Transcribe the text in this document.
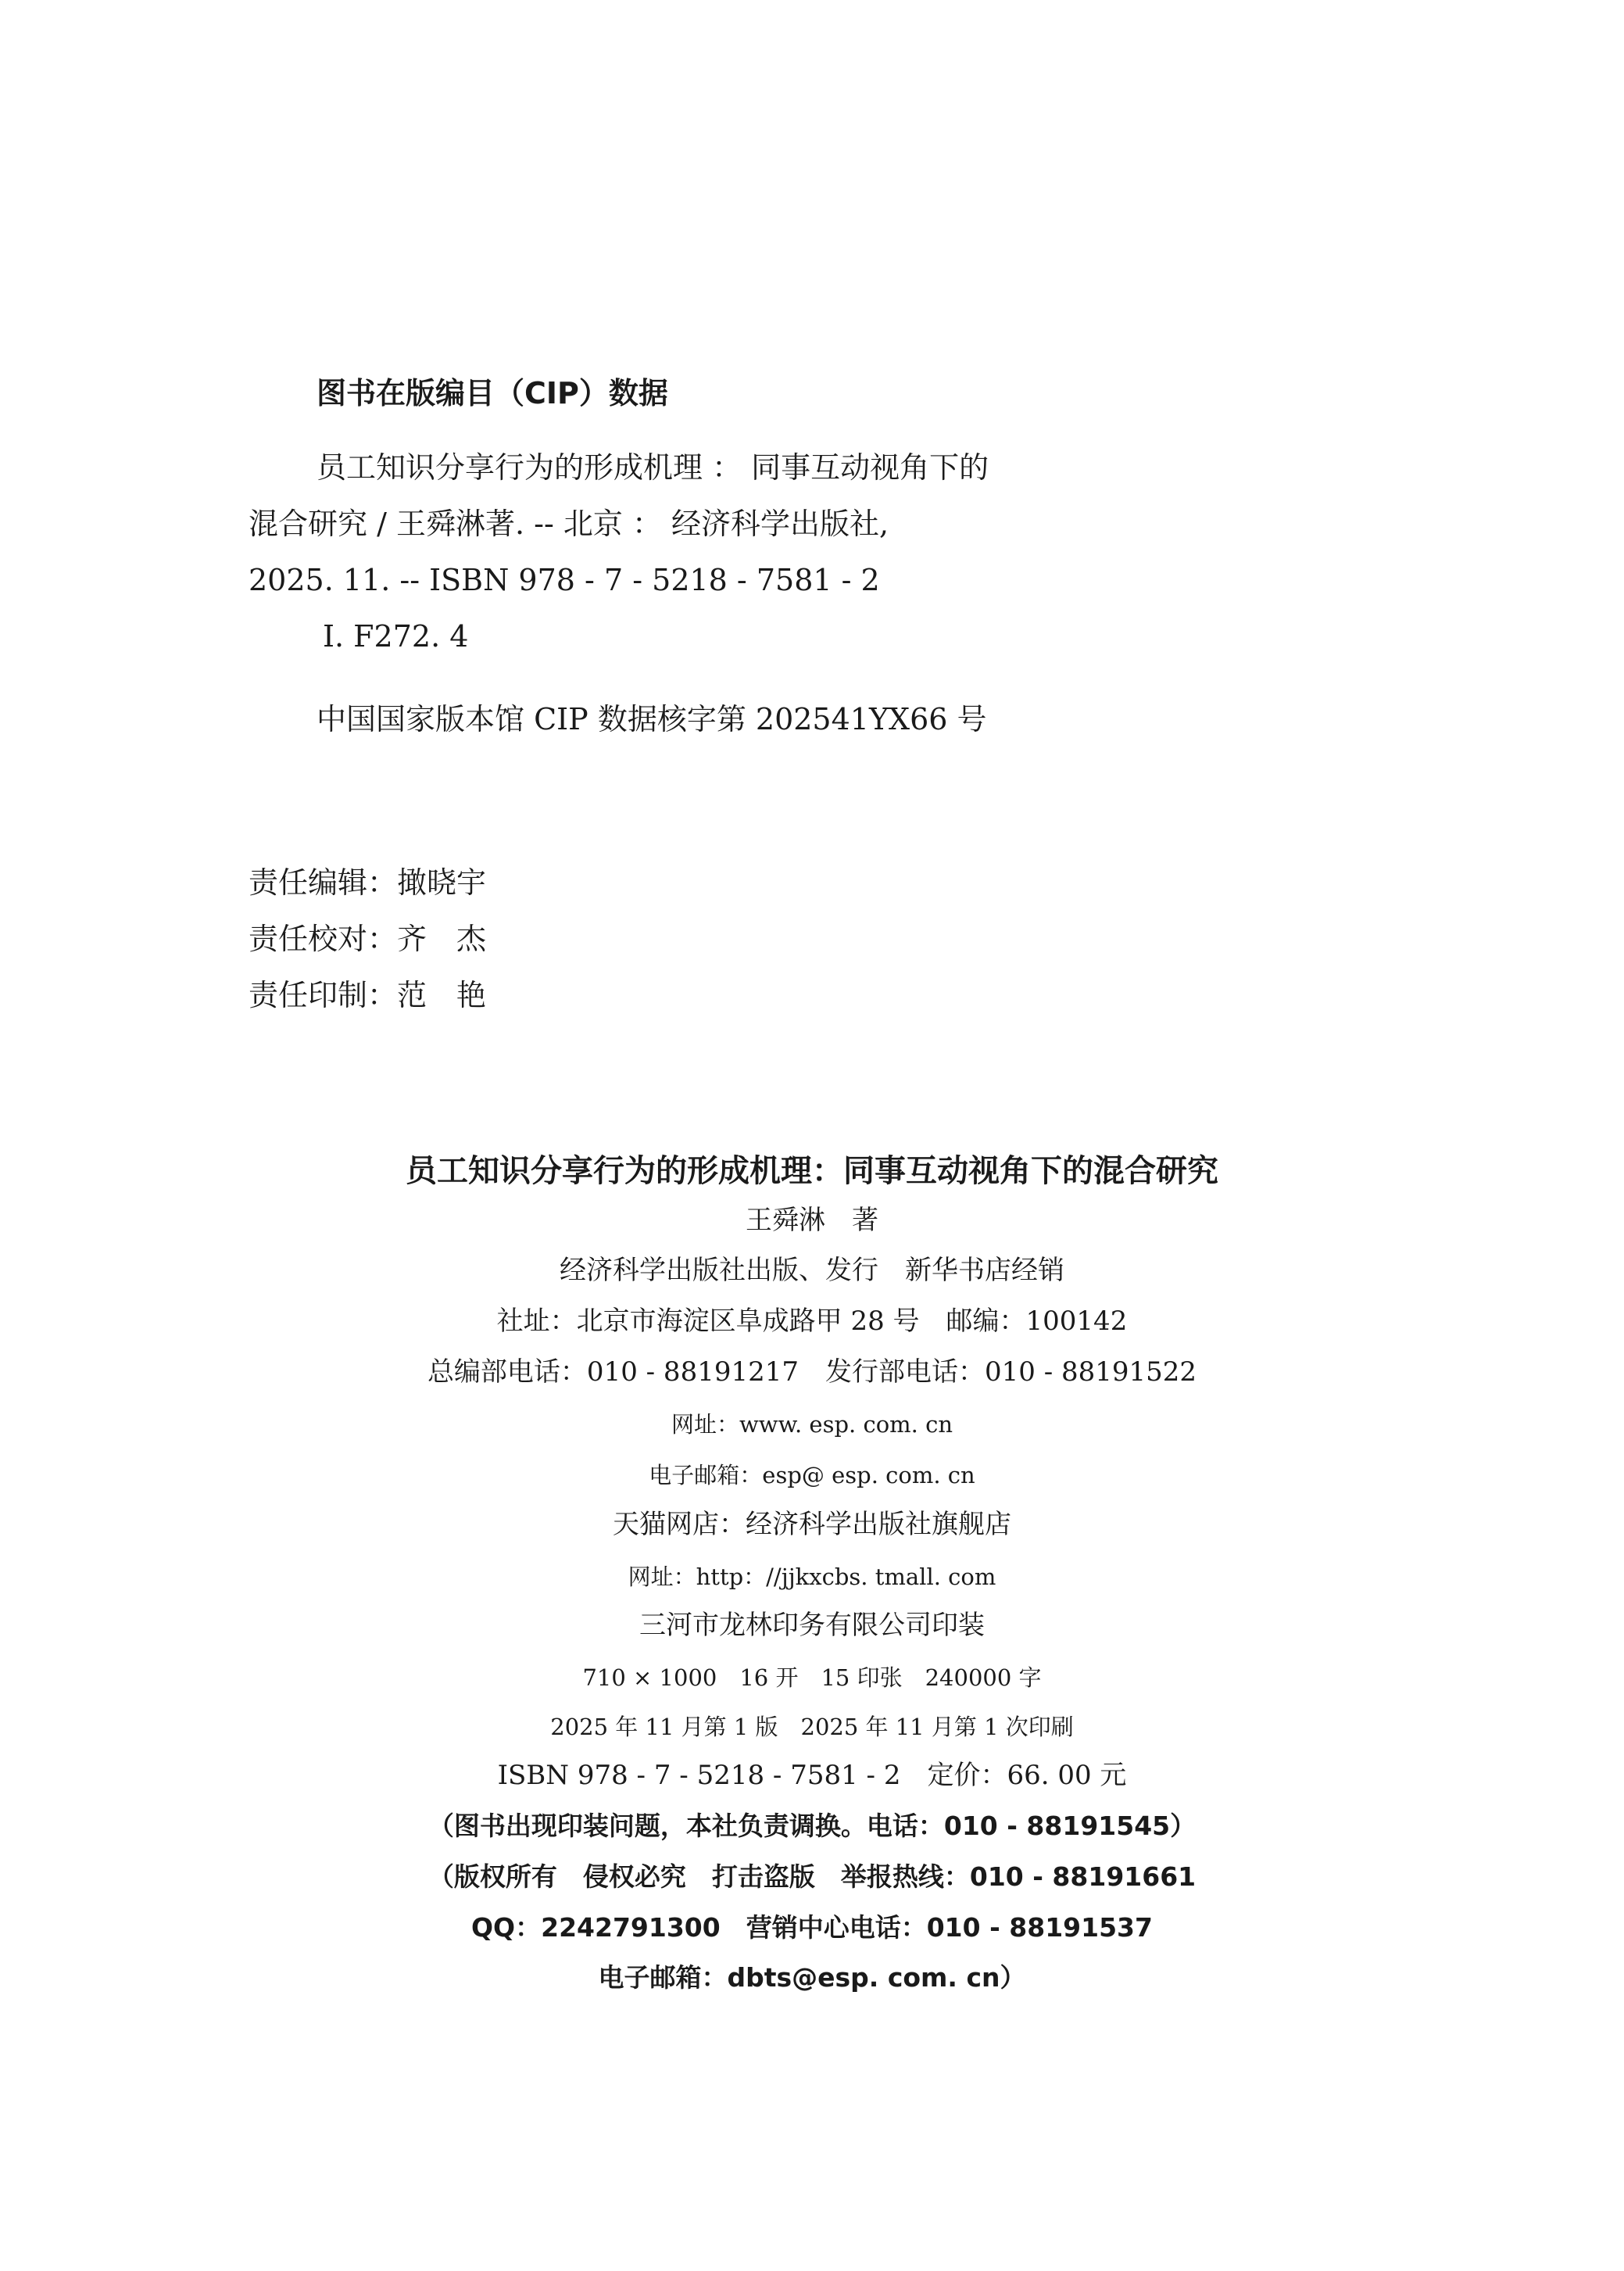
图书在版编目（CIP）数据
员工知识分享行为的形成机理 ： 同事互动视角下的
混合研究 / 王舜淋著. -- 北京 ： 经济科学出版社,
2025. 11. -- ISBN 978 - 7 - 5218 - 7581 - 2
Ⅰ. F272. 4
中国国家版本馆 CIP 数据核字第 202541YX66 号
责任编辑：撖晓宇
责任校对：齐　杰
责任印制：范　艳
员工知识分享行为的形成机理：同事互动视角下的混合研究
王舜淋　著
经济科学出版社出版、发行　新华书店经销
社址：北京市海淀区阜成路甲 28 号　邮编：100142
总编部电话：010 - 88191217　发行部电话：010 - 88191522
网址：www. esp. com. cn
电子邮箱：esp@ esp. com. cn
天猫网店：经济科学出版社旗舰店
网址：http：//jjkxcbs. tmall. com
三河市龙林印务有限公司印装
710 × 1000　16 开　15 印张　240000 字
2025 年 11 月第 1 版　2025 年 11 月第 1 次印刷
ISBN 978 - 7 - 5218 - 7581 - 2　定价：66. 00 元
（图书出现印装问题，本社负责调换。电话：010 - 88191545）
（版权所有　侵权必究　打击盗版　举报热线：010 - 88191661
QQ：2242791300　营销中心电话：010 - 88191537
电子邮箱：dbts@esp. com. cn）
